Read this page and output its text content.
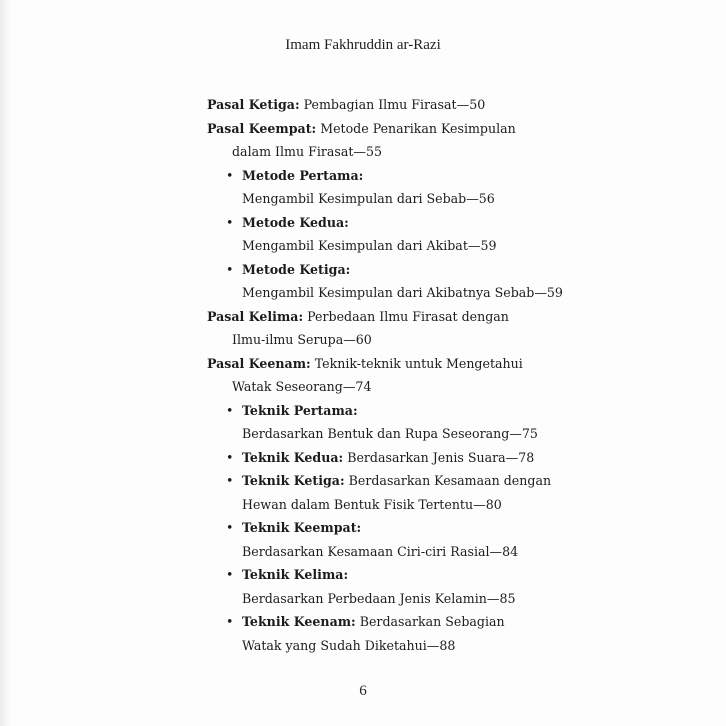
Imam Fakhruddin ar-Razi
Pasal Ketiga: Pembagian Ilmu Firasat—50
Pasal Keempat: Metode Penarikan Kesimpulan
dalam Ilmu Firasat—55
• Metode Pertama:
Mengambil Kesimpulan dari Sebab—56
• Metode Kedua:
Mengambil Kesimpulan dari Akibat—59
• Metode Ketiga:
Mengambil Kesimpulan dari Akibatnya Sebab—59
Pasal Kelima: Perbedaan Ilmu Firasat dengan
Ilmu-ilmu Serupa—60
Pasal Keenam: Teknik-teknik untuk Mengetahui
Watak Seseorang—74
• Teknik Pertama:
Berdasarkan Bentuk dan Rupa Seseorang—75
• Teknik Kedua: Berdasarkan Jenis Suara—78
• Teknik Ketiga: Berdasarkan Kesamaan dengan
Hewan dalam Bentuk Fisik Tertentu—80
• Teknik Keempat:
Berdasarkan Kesamaan Ciri-ciri Rasial—84
• Teknik Kelima:
Berdasarkan Perbedaan Jenis Kelamin—85
• Teknik Keenam: Berdasarkan Sebagian
Watak yang Sudah Diketahui—88
6
